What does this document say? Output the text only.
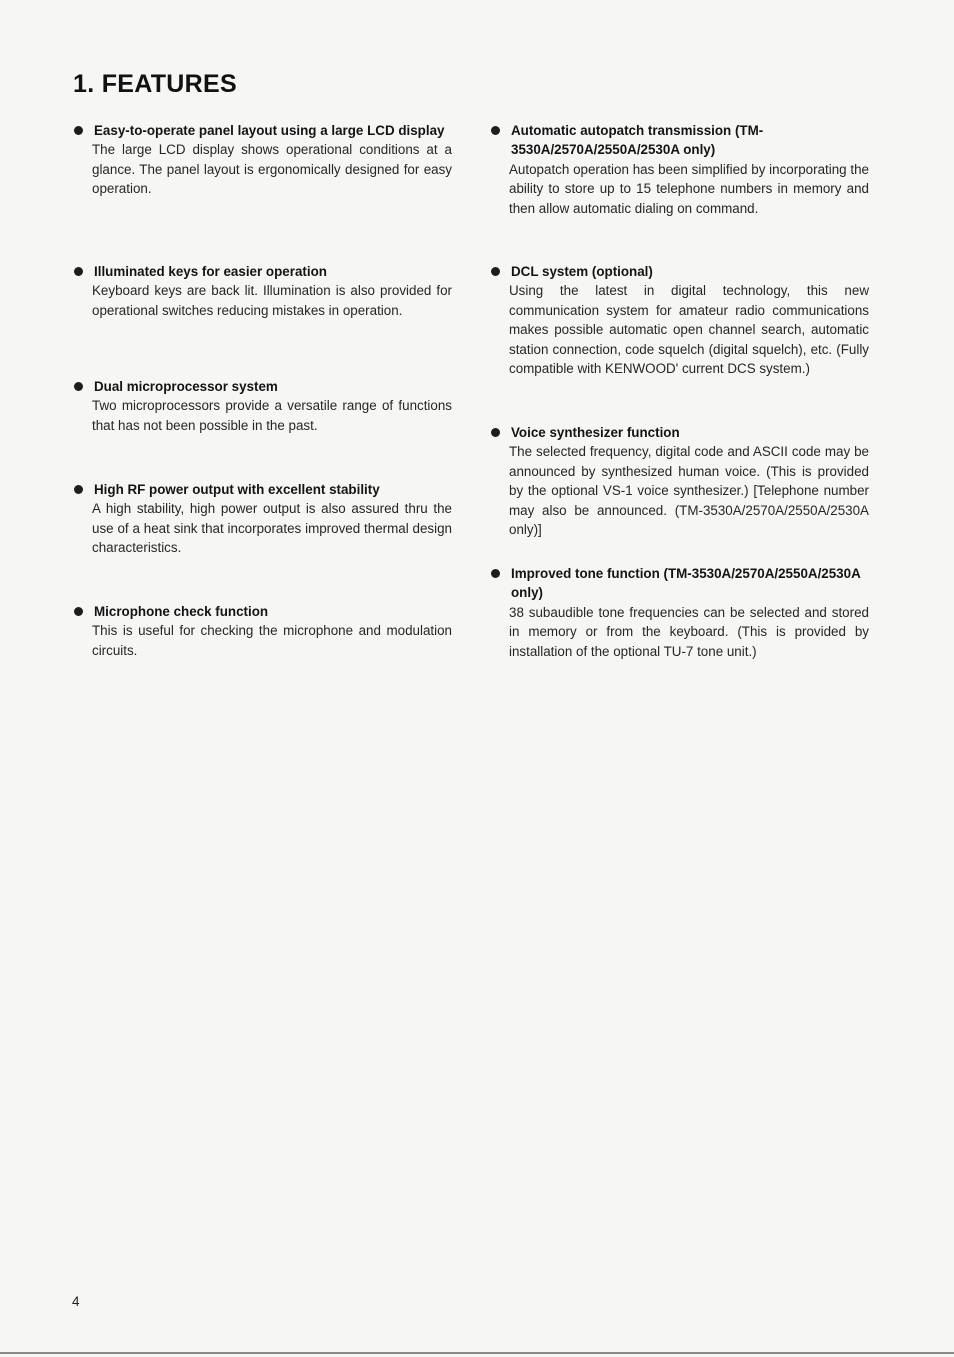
1. FEATURES
Easy-to-operate panel layout using a large LCD display
The large LCD display shows operational conditions at a glance. The panel layout is ergonomically designed for easy operation.
Illuminated keys for easier operation
Keyboard keys are back lit. Illumination is also provided for operational switches reducing mistakes in operation.
Dual microprocessor system
Two microprocessors provide a versatile range of functions that has not been possible in the past.
High RF power output with excellent stability
A high stability, high power output is also assured thru the use of a heat sink that incorporates improved thermal design characteristics.
Microphone check function
This is useful for checking the microphone and modulation circuits.
Automatic autopatch transmission (TM-3530A/2570A/2550A/2530A only)
Autopatch operation has been simplified by incorporating the ability to store up to 15 telephone numbers in memory and then allow automatic dialing on command.
DCL system (optional)
Using the latest in digital technology, this new communication system for amateur radio communications makes possible automatic open channel search, automatic station connection, code squelch (digital squelch), etc. (Fully compatible with KENWOOD' current DCS system.)
Voice synthesizer function
The selected frequency, digital code and ASCII code may be announced by synthesized human voice. (This is provided by the optional VS-1 voice synthesizer.) [Telephone number may also be announced. (TM-3530A/2570A/2550A/2530A only)]
Improved tone function (TM-3530A/2570A/2550A/2530A only)
38 subaudible tone frequencies can be selected and stored in memory or from the keyboard. (This is provided by installation of the optional TU-7 tone unit.)
4
